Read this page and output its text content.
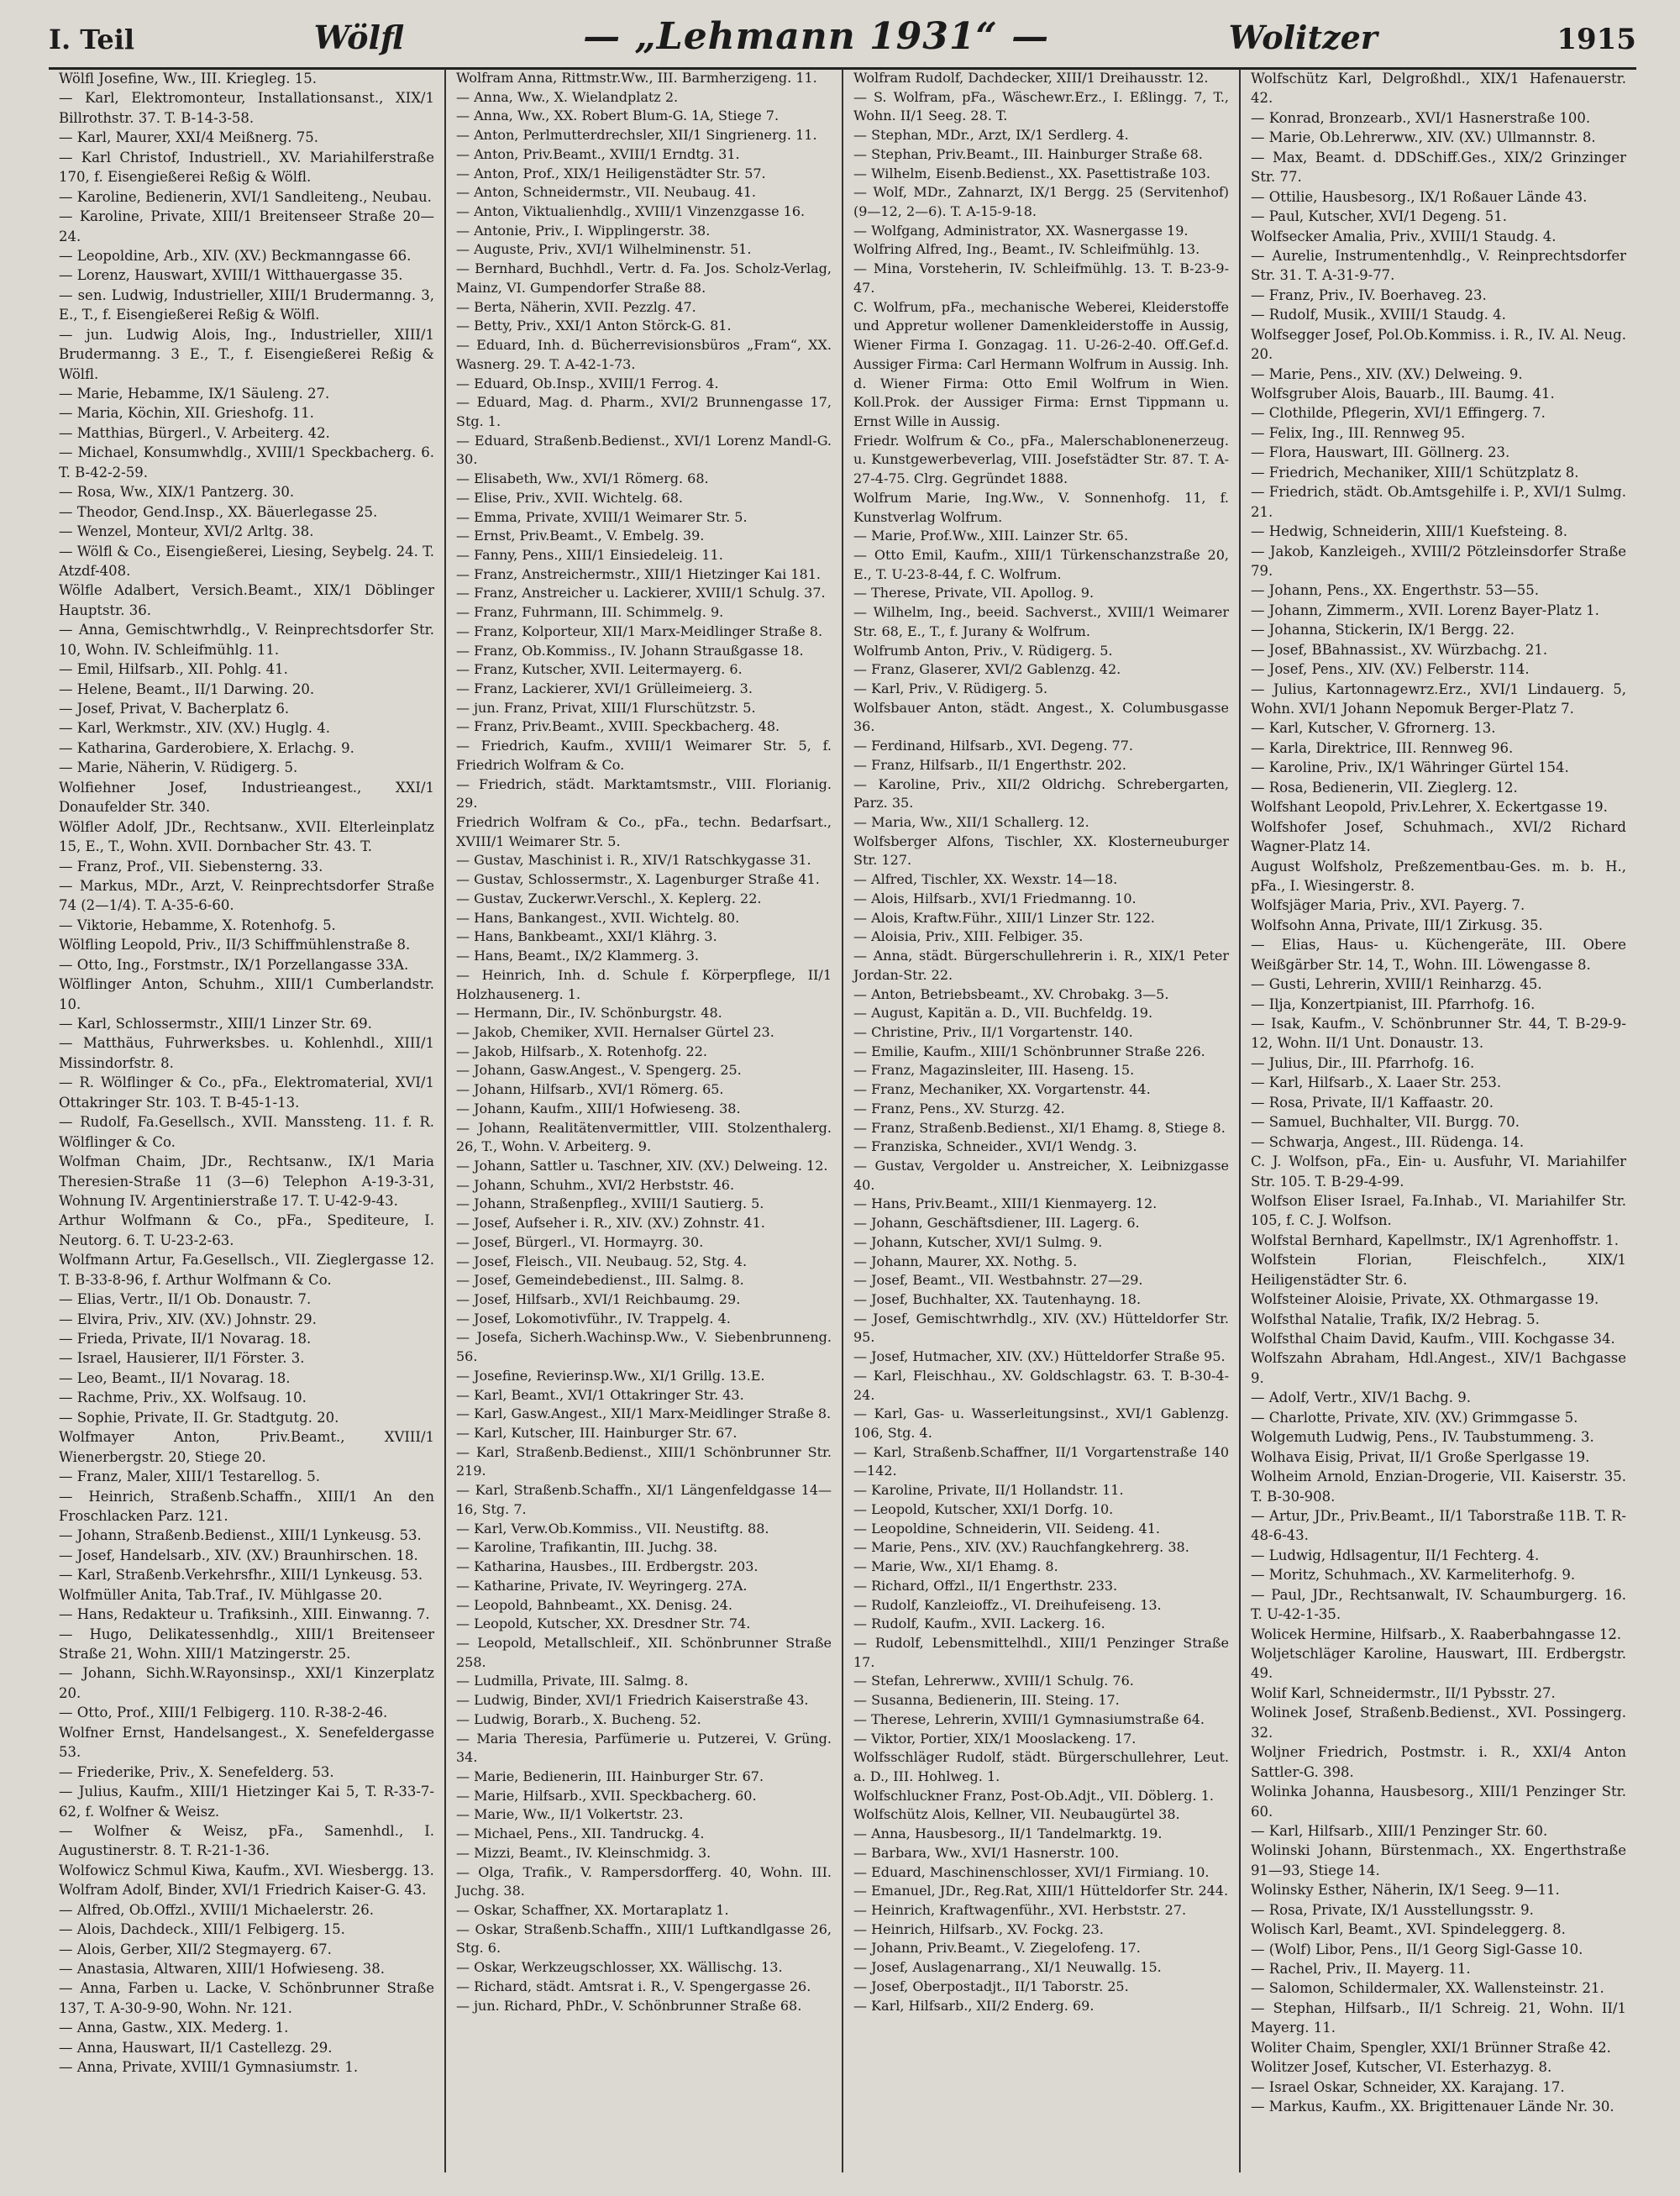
I. Teil	Wölfl	— „Lehmann 1931“ —	Wolitzer	1915

Wölfl Josefine, Ww., III. Kriegleg. 15.

— Karl, Elektromonteur, Installationsanst., XIX/1 Billrothstr. 37. T. B-14-3-58.

— Karl, Maurer, XXI/4 Meißnerg. 75.

— Karl Christof, Industriell., XV. Mariahilferstraße 170, f. Eisengießerei Reßig & Wölfl.

— Karoline, Bedienerin, XVI/1 Sandleiteng., Neubau.

— Karoline, Private, XIII/1 Breitenseer Straße 20—24.

— Leopoldine, Arb., XIV. (XV.) Beckmanngasse 66.

— Lorenz, Hauswart, XVIII/1 Witthauergasse 35.

— sen. Ludwig, Industrieller, XIII/1 Brudermanng. 3, E., T., f. Eisengießerei Reßig & Wölfl.

— jun. Ludwig Alois, Ing., Industrieller, XIII/1 Brudermanng. 3 E., T., f. Eisengießerei Reßig & Wölfl.

— Marie, Hebamme, IX/1 Säuleng. 27.

— Maria, Köchin, XII. Grieshofg. 11.

— Matthias, Bürgerl., V. Arbeiterg. 42.

— Michael, Konsumwhdlg., XVIII/1 Speckbacherg. 6. T. B-42-2-59.

— Rosa, Ww., XIX/1 Pantzerg. 30.

— Theodor, Gend.Insp., XX. Bäuerlegasse 25.

— Wenzel, Monteur, XVI/2 Arltg. 38.

— Wölfl & Co., Eisengießerei, Liesing, Seybelg. 24. T. Atzdf-408.

Wölfle Adalbert, Versich.Beamt., XIX/1 Döblinger Hauptstr. 36.

— Anna, Gemischtwrhdlg., V. Reinprechtsdorfer Str. 10, Wohn. IV. Schleifmühlg. 11.

— Emil, Hilfsarb., XII. Pohlg. 41.

— Helene, Beamt., II/1 Darwing. 20.

— Josef, Privat, V. Bacherplatz 6.

— Karl, Werkmstr., XIV. (XV.) Huglg. 4.

— Katharina, Garderobiere, X. Erlachg. 9.

— Marie, Näherin, V. Rüdigerg. 5.

Wolfiehner Josef, Industrieangest., XXI/1 Donaufelder Str. 340.

Wölfler Adolf, JDr., Rechtsanw., XVII. Elterleinplatz 15, E., T., Wohn. XVII. Dornbacher Str. 43. T.

— Franz, Prof., VII. Siebensterng. 33.

— Markus, MDr., Arzt, V. Reinprechtsdorfer Straße 74 (2—1/4). T. A-35-6-60.

— Viktorie, Hebamme, X. Rotenhofg. 5.

Wölfling Leopold, Priv., II/3 Schiffmühlenstraße 8.

— Otto, Ing., Forstmstr., IX/1 Porzellangasse 33A.

Wölflinger Anton, Schuhm., XIII/1 Cumberlandstr. 10.

— Karl, Schlossermstr., XIII/1 Linzer Str. 69.

— Matthäus, Fuhrwerksbes. u. Kohlenhdl., XIII/1 Missindorfstr. 8.

— R. Wölflinger & Co., pFa., Elektromaterial, XVI/1 Ottakringer Str. 103. T. B-45-1-13.

— Rudolf, Fa.Gesellsch., XVII. Manssteng. 11. f. R. Wölflinger & Co.

Wolfman Chaim, JDr., Rechtsanw., IX/1 Maria Theresien-Straße 11 (3—6) Telephon A-19-3-31, Wohnung IV. Argentinierstraße 17. T. U-42-9-43.

Arthur Wolfmann & Co., pFa., Spediteure, I. Neutorg. 6. T. U-23-2-63.

Wolfmann Artur, Fa.Gesellsch., VII. Zieglergasse 12. T. B-33-8-96, f. Arthur Wolfmann & Co.

— Elias, Vertr., II/1 Ob. Donaustr. 7.

— Elvira, Priv., XIV. (XV.) Johnstr. 29.

— Frieda, Private, II/1 Novarag. 18.

— Israel, Hausierer, II/1 Förster. 3.

— Leo, Beamt., II/1 Novarag. 18.

— Rachme, Priv., XX. Wolfsaug. 10.

— Sophie, Private, II. Gr. Stadtgutg. 20.

Wolfmayer Anton, Priv.Beamt., XVIII/1 Wienerbergstr. 20, Stiege 20.

— Franz, Maler, XIII/1 Testarellog. 5.

— Heinrich, Straßenb.Schaffn., XIII/1 An den Froschlacken Parz. 121.

— Johann, Straßenb.Bedienst., XIII/1 Lynkeusg. 53.

— Josef, Handelsarb., XIV. (XV.) Braunhirschen. 18.

— Karl, Straßenb.Verkehrsfhr., XIII/1 Lynkeusg. 53.

Wolfmüller Anita, Tab.Traf., IV. Mühlgasse 20.

— Hans, Redakteur u. Trafiksinh., XIII. Einwanng. 7.

— Hugo, Delikatessenhdlg., XIII/1 Breitenseer Straße 21, Wohn. XIII/1 Matzingerstr. 25.

— Johann, Sichh.W.Rayonsinsp., XXI/1 Kinzerplatz 20.

— Otto, Prof., XIII/1 Felbigerg. 110. R-38-2-46.

Wolfner Ernst, Handelsangest., X. Senefeldergasse 53.

— Friederike, Priv., X. Senefelderg. 53.

— Julius, Kaufm., XIII/1 Hietzinger Kai 5, T. R-33-7-62, f. Wolfner & Weisz.

— Wolfner & Weisz, pFa., Samenhdl., I. Augustinerstr. 8. T. R-21-1-36.

Wolfowicz Schmul Kiwa, Kaufm., XVI. Wiesbergg. 13.

Wolfram Adolf, Binder, XVI/1 Friedrich Kaiser-G. 43.

— Alfred, Ob.Offzl., XVIII/1 Michaelerstr. 26.

— Alois, Dachdeck., XIII/1 Felbigerg. 15.

— Alois, Gerber, XII/2 Stegmayerg. 67.

— Anastasia, Altwaren, XIII/1 Hofwieseng. 38.

— Anna, Farben u. Lacke, V. Schönbrunner Straße 137, T. A-30-9-90, Wohn. Nr. 121.

— Anna, Gastw., XIX. Mederg. 1.

— Anna, Hauswart, II/1 Castellezg. 29.

— Anna, Private, XVIII/1 Gymnasiumstr. 1.

Wolfram Anna, Rittmstr.Ww., III. Barmherzigeng. 11.

— Anna, Ww., X. Wielandplatz 2.

— Anna, Ww., XX. Robert Blum-G. 1A, Stiege 7.

— Anton, Perlmutterdrechsler, XII/1 Singrienerg. 11.

— Anton, Priv.Beamt., XVIII/1 Erndtg. 31.

— Anton, Prof., XIX/1 Heiligenstädter Str. 57.

— Anton, Schneidermstr., VII. Neubaug. 41.

— Anton, Viktualienhdlg., XVIII/1 Vinzenzgasse 16.

— Antonie, Priv., I. Wipplingerstr. 38.

— Auguste, Priv., XVI/1 Wilhelminenstr. 51.

— Bernhard, Buchhdl., Vertr. d. Fa. Jos. Scholz-Verlag, Mainz, VI. Gumpendorfer Straße 88.

— Berta, Näherin, XVII. Pezzlg. 47.

— Betty, Priv., XXI/1 Anton Störck-G. 81.

— Eduard, Inh. d. Bücherrevisionsbüros „Fram“, XX. Wasnerg. 29. T. A-42-1-73.

— Eduard, Ob.Insp., XVIII/1 Ferrog. 4.

— Eduard, Mag. d. Pharm., XVI/2 Brunnengasse 17, Stg. 1.

— Eduard, Straßenb.Bedienst., XVI/1 Lorenz Mandl-G. 30.

— Elisabeth, Ww., XVI/1 Römerg. 68.

— Elise, Priv., XVII. Wichtelg. 68.

— Emma, Private, XVIII/1 Weimarer Str. 5.

— Ernst, Priv.Beamt., V. Embelg. 39.

— Fanny, Pens., XIII/1 Einsiedeleig. 11.

— Franz, Anstreichermstr., XIII/1 Hietzinger Kai 181.

— Franz, Anstreicher u. Lackierer, XVIII/1 Schulg. 37.

— Franz, Fuhrmann, III. Schimmelg. 9.

— Franz, Kolporteur, XII/1 Marx-Meidlinger Straße 8.

— Franz, Ob.Kommiss., IV. Johann Straußgasse 18.

— Franz, Kutscher, XVII. Leitermayerg. 6.

— Franz, Lackierer, XVI/1 Grülleimeierg. 3.

— jun. Franz, Privat, XIII/1 Flurschützstr. 5.

— Franz, Priv.Beamt., XVIII. Speckbacherg. 48.

— Friedrich, Kaufm., XVIII/1 Weimarer Str. 5, f. Friedrich Wolfram & Co.

— Friedrich, städt. Marktamtsmstr., VIII. Florianig. 29.

Friedrich Wolfram & Co., pFa., techn. Bedarfsart., XVIII/1 Weimarer Str. 5.

— Gustav, Maschinist i. R., XIV/1 Ratschkygasse 31.

— Gustav, Schlossermstr., X. Lagenburger Straße 41.

— Gustav, Zuckerwr.Verschl., X. Keplerg. 22.

— Hans, Bankangest., XVII. Wichtelg. 80.

— Hans, Bankbeamt., XXI/1 Klährg. 3.

— Hans, Beamt., IX/2 Klammerg. 3.

— Heinrich, Inh. d. Schule f. Körperpflege, II/1 Holzhausenerg. 1.

— Hermann, Dir., IV. Schönburgstr. 48.

— Jakob, Chemiker, XVII. Hernalser Gürtel 23.

— Jakob, Hilfsarb., X. Rotenhofg. 22.

— Johann, Gasw.Angest., V. Spengerg. 25.

— Johann, Hilfsarb., XVI/1 Römerg. 65.

— Johann, Kaufm., XIII/1 Hofwieseng. 38.

— Johann, Realitätenvermittler, VIII. Stolzenthalerg. 26, T., Wohn. V. Arbeiterg. 9.

— Johann, Sattler u. Taschner, XIV. (XV.) Delweing. 12.

— Johann, Schuhm., XVI/2 Herbststr. 46.

— Johann, Straßenpfleg., XVIII/1 Sautierg. 5.

— Josef, Aufseher i. R., XIV. (XV.) Zohnstr. 41.

— Josef, Bürgerl., VI. Hormayrg. 30.

— Josef, Fleisch., VII. Neubaug. 52, Stg. 4.

— Josef, Gemeindebedienst., III. Salmg. 8.

— Josef, Hilfsarb., XVI/1 Reichbaumg. 29.

— Josef, Lokomotivführ., IV. Trappelg. 4.

— Josefa, Sicherh.Wachinsp.Ww., V. Siebenbrunneng. 56.

— Josefine, Revierinsp.Ww., XI/1 Grillg. 13.E.

— Karl, Beamt., XVI/1 Ottakringer Str. 43.

— Karl, Gasw.Angest., XII/1 Marx-Meidlinger Straße 8.

— Karl, Kutscher, III. Hainburger Str. 67.

— Karl, Straßenb.Bedienst., XIII/1 Schönbrunner Str. 219.

— Karl, Straßenb.Schaffn., XI/1 Längenfeldgasse 14—16, Stg. 7.

— Karl, Verw.Ob.Kommiss., VII. Neustiftg. 88.

— Karoline, Trafikantin, III. Juchg. 38.

— Katharina, Hausbes., III. Erdbergstr. 203.

— Katharine, Private, IV. Weyringerg. 27A.

— Leopold, Bahnbeamt., XX. Denisg. 24.

— Leopold, Kutscher, XX. Dresdner Str. 74.

— Leopold, Metallschleif., XII. Schönbrunner Straße 258.

— Ludmilla, Private, III. Salmg. 8.

— Ludwig, Binder, XVI/1 Friedrich Kaiserstraße 43.

— Ludwig, Borarb., X. Bucheng. 52.

— Maria Theresia, Parfümerie u. Putzerei, V. Grüng. 34.

— Marie, Bedienerin, III. Hainburger Str. 67.

— Marie, Hilfsarb., XVII. Speckbacherg. 60.

— Marie, Ww., II/1 Volkertstr. 23.

— Michael, Pens., XII. Tandruckg. 4.

— Mizzi, Beamt., IV. Kleinschmidg. 3.

— Olga, Trafik., V. Rampersdorfferg. 40, Wohn. III. Juchg. 38.

— Oskar, Schaffner, XX. Mortaraplatz 1.

— Oskar, Straßenb.Schaffn., XIII/1 Luftkandlgasse 26, Stg. 6.

— Oskar, Werkzeugschlosser, XX. Wällischg. 13.

— Richard, städt. Amtsrat i. R., V. Spengergasse 26.

— jun. Richard, PhDr., V. Schönbrunner Straße 68.

Wolfram Rudolf, Dachdecker, XIII/1 Dreihausstr. 12.

— S. Wolfram, pFa., Wäschewr.Erz., I. Eßlingg. 7, T., Wohn. II/1 Seeg. 28. T.

— Stephan, MDr., Arzt, IX/1 Serdlerg. 4.

— Stephan, Priv.Beamt., III. Hainburger Straße 68.

— Wilhelm, Eisenb.Bedienst., XX. Pasettistraße 103.

— Wolf, MDr., Zahnarzt, IX/1 Bergg. 25 (Servitenhof) (9—12, 2—6). T. A-15-9-18.

— Wolfgang, Administrator, XX. Wasnergasse 19.

Wolfring Alfred, Ing., Beamt., IV. Schleifmühlg. 13.

— Mina, Vorsteherin, IV. Schleifmühlg. 13. T. B-23-9-47.

C. Wolfrum, pFa., mechanische Weberei, Kleiderstoffe und Appretur wollener Damenkleiderstoffe in Aussig, Wiener Firma I. Gonzagag. 11. U-26-2-40. Off.Gef.d. Aussiger Firma: Carl Hermann Wolfrum in Aussig. Inh. d. Wiener Firma: Otto Emil Wolfrum in Wien. Koll.Prok. der Aussiger Firma: Ernst Tippmann u. Ernst Wille in Aussig.

Friedr. Wolfrum & Co., pFa., Malerschablonenerzeug. u. Kunstgewerbeverlag, VIII. Josefstädter Str. 87. T. A-27-4-75. Clrg. Gegründet 1888.

Wolfrum Marie, Ing.Ww., V. Sonnenhofg. 11, f. Kunstverlag Wolfrum.

— Marie, Prof.Ww., XIII. Lainzer Str. 65.

— Otto Emil, Kaufm., XIII/1 Türkenschanzstraße 20, E., T. U-23-8-44, f. C. Wolfrum.

— Therese, Private, VII. Apollog. 9.

— Wilhelm, Ing., beeid. Sachverst., XVIII/1 Weimarer Str. 68, E., T., f. Jurany & Wolfrum.

Wolfrumb Anton, Priv., V. Rüdigerg. 5.

— Franz, Glaserer, XVI/2 Gablenzg. 42.

— Karl, Priv., V. Rüdigerg. 5.

Wolfsbauer Anton, städt. Angest., X. Columbusgasse 36.

— Ferdinand, Hilfsarb., XVI. Degeng. 77.

— Franz, Hilfsarb., II/1 Engerthstr. 202.

— Karoline, Priv., XII/2 Oldrichg. Schrebergarten, Parz. 35.

— Maria, Ww., XII/1 Schallerg. 12.

Wolfsberger Alfons, Tischler, XX. Klosterneuburger Str. 127.

— Alfred, Tischler, XX. Wexstr. 14—18.

— Alois, Hilfsarb., XVI/1 Friedmanng. 10.

— Alois, Kraftw.Führ., XIII/1 Linzer Str. 122.

— Aloisia, Priv., XIII. Felbiger. 35.

— Anna, städt. Bürgerschullehrerin i. R., XIX/1 Peter Jordan-Str. 22.

— Anton, Betriebsbeamt., XV. Chrobakg. 3—5.

— August, Kapitän a. D., VII. Buchfeldg. 19.

— Christine, Priv., II/1 Vorgartenstr. 140.

— Emilie, Kaufm., XIII/1 Schönbrunner Straße 226.

— Franz, Magazinsleiter, III. Haseng. 15.

— Franz, Mechaniker, XX. Vorgartenstr. 44.

— Franz, Pens., XV. Sturzg. 42.

— Franz, Straßenb.Bedienst., XI/1 Ehamg. 8, Stiege 8.

— Franziska, Schneider., XVI/1 Wendg. 3.

— Gustav, Vergolder u. Anstreicher, X. Leibnizgasse 40.

— Hans, Priv.Beamt., XIII/1 Kienmayerg. 12.

— Johann, Geschäftsdiener, III. Lagerg. 6.

— Johann, Kutscher, XVI/1 Sulmg. 9.

— Johann, Maurer, XX. Nothg. 5.

— Josef, Beamt., VII. Westbahnstr. 27—29.

— Josef, Buchhalter, XX. Tautenhayng. 18.

— Josef, Gemischtwrhdlg., XIV. (XV.) Hütteldorfer Str. 95.

— Josef, Hutmacher, XIV. (XV.) Hütteldorfer Straße 95.

— Karl, Fleischhau., XV. Goldschlagstr. 63. T. B-30-4-24.

— Karl, Gas- u. Wasserleitungsinst., XVI/1 Gablenzg. 106, Stg. 4.

— Karl, Straßenb.Schaffner, II/1 Vorgartenstraße 140—142.

— Karoline, Private, II/1 Hollandstr. 11.

— Leopold, Kutscher, XXI/1 Dorfg. 10.

— Leopoldine, Schneiderin, VII. Seideng. 41.

— Marie, Pens., XIV. (XV.) Rauchfangkehrerg. 38.

— Marie, Ww., XI/1 Ehamg. 8.

— Richard, Offzl., II/1 Engerthstr. 233.

— Rudolf, Kanzleioffz., VI. Dreihufeiseng. 13.

— Rudolf, Kaufm., XVII. Lackerg. 16.

— Rudolf, Lebensmittelhdl., XIII/1 Penzinger Straße 17.

— Stefan, Lehrerww., XVIII/1 Schulg. 76.

— Susanna, Bedienerin, III. Steing. 17.

— Therese, Lehrerin, XVIII/1 Gymnasiumstraße 64.

— Viktor, Portier, XIX/1 Mooslackeng. 17.

Wolfsschläger Rudolf, städt. Bürgerschullehrer, Leut. a. D., III. Hohlweg. 1.

Wolfschluckner Franz, Post-Ob.Adjt., VII. Döblerg. 1.

Wolfschütz Alois, Kellner, VII. Neubaugürtel 38.

— Anna, Hausbesorg., II/1 Tandelmarktg. 19.

— Barbara, Ww., XVI/1 Hasnerstr. 100.

— Eduard, Maschinenschlosser, XVI/1 Firmiang. 10.

— Emanuel, JDr., Reg.Rat, XIII/1 Hütteldorfer Str. 244.

— Heinrich, Kraftwagenführ., XVI. Herbststr. 27.

— Heinrich, Hilfsarb., XV. Fockg. 23.

— Johann, Priv.Beamt., V. Ziegelofeng. 17.

— Josef, Auslagenarrang., XI/1 Neuwallg. 15.

— Josef, Oberpostadjt., II/1 Taborstr. 25.

— Karl, Hilfsarb., XII/2 Enderg. 69.

Wolfschütz Karl, Delgroßhdl., XIX/1 Hafenauerstr. 42.

— Konrad, Bronzearb., XVI/1 Hasnerstraße 100.

— Marie, Ob.Lehrerww., XIV. (XV.) Ullmannstr. 8.

— Max, Beamt. d. DDSchiff.Ges., XIX/2 Grinzinger Str. 77.

— Ottilie, Hausbesorg., IX/1 Roßauer Lände 43.

— Paul, Kutscher, XVI/1 Degeng. 51.

Wolfsecker Amalia, Priv., XVIII/1 Staudg. 4.

— Aurelie, Instrumentenhdlg., V. Reinprechtsdorfer Str. 31. T. A-31-9-77.

— Franz, Priv., IV. Boerhaveg. 23.

— Rudolf, Musik., XVIII/1 Staudg. 4.

Wolfsegger Josef, Pol.Ob.Kommiss. i. R., IV. Al. Neug. 20.

— Marie, Pens., XIV. (XV.) Delweing. 9.

Wolfsgruber Alois, Bauarb., III. Baumg. 41.

— Clothilde, Pflegerin, XVI/1 Effingerg. 7.

— Felix, Ing., III. Rennweg 95.

— Flora, Hauswart, III. Göllnerg. 23.

— Friedrich, Mechaniker, XIII/1 Schützplatz 8.

— Friedrich, städt. Ob.Amtsgehilfe i. P., XVI/1 Sulmg. 21.

— Hedwig, Schneiderin, XIII/1 Kuefsteing. 8.

— Jakob, Kanzleigeh., XVIII/2 Pötzleinsdorfer Straße 79.

— Johann, Pens., XX. Engerthstr. 53—55.

— Johann, Zimmerm., XVII. Lorenz Bayer-Platz 1.

— Johanna, Stickerin, IX/1 Bergg. 22.

— Josef, BBahnassist., XV. Würzbachg. 21.

— Josef, Pens., XIV. (XV.) Felberstr. 114.

— Julius, Kartonnagewrz.Erz., XVI/1 Lindauerg. 5, Wohn. XVI/1 Johann Nepomuk Berger-Platz 7.

— Karl, Kutscher, V. Gfrornerg. 13.

— Karla, Direktrice, III. Rennweg 96.

— Karoline, Priv., IX/1 Währinger Gürtel 154.

— Rosa, Bedienerin, VII. Zieglerg. 12.

Wolfshant Leopold, Priv.Lehrer, X. Eckertgasse 19.

Wolfshofer Josef, Schuhmach., XVI/2 Richard Wagner-Platz 14.

August Wolfsholz, Preßzementbau-Ges. m. b. H., pFa., I. Wiesingerstr. 8.

Wolfsjäger Maria, Priv., XVI. Payerg. 7.

Wolfsohn Anna, Private, III/1 Zirkusg. 35.

— Elias, Haus- u. Küchengeräte, III. Obere Weißgärber Str. 14, T., Wohn. III. Löwengasse 8.

— Gusti, Lehrerin, XVIII/1 Reinharzg. 45.

— Ilja, Konzertpianist, III. Pfarrhofg. 16.

— Isak, Kaufm., V. Schönbrunner Str. 44, T. B-29-9-12, Wohn. II/1 Unt. Donaustr. 13.

— Julius, Dir., III. Pfarrhofg. 16.

— Karl, Hilfsarb., X. Laaer Str. 253.

— Rosa, Private, II/1 Kaffaastr. 20.

— Samuel, Buchhalter, VII. Burgg. 70.

— Schwarja, Angest., III. Rüdenga. 14.

C. J. Wolfson, pFa., Ein- u. Ausfuhr, VI. Mariahilfer Str. 105. T. B-29-4-99.

Wolfson Eliser Israel, Fa.Inhab., VI. Mariahilfer Str. 105, f. C. J. Wolfson.

Wolfstal Bernhard, Kapellmstr., IX/1 Agrenhoffstr. 1.

Wolfstein Florian, Fleischfelch., XIX/1 Heiligenstädter Str. 6.

Wolfsteiner Aloisie, Private, XX. Othmargasse 19.

Wolfsthal Natalie, Trafik, IX/2 Hebrag. 5.

Wolfsthal Chaim David, Kaufm., VIII. Kochgasse 34.

Wolfszahn Abraham, Hdl.Angest., XIV/1 Bachgasse 9.

— Adolf, Vertr., XIV/1 Bachg. 9.

— Charlotte, Private, XIV. (XV.) Grimmgasse 5.

Wolgemuth Ludwig, Pens., IV. Taubstummeng. 3.

Wolhava Eisig, Privat, II/1 Große Sperlgasse 19.

Wolheim Arnold, Enzian-Drogerie, VII. Kaiserstr. 35. T. B-30-908.

— Artur, JDr., Priv.Beamt., II/1 Taborstraße 11B. T. R-48-6-43.

— Ludwig, Hdlsagentur, II/1 Fechterg. 4.

— Moritz, Schuhmach., XV. Karmeliterhofg. 9.

— Paul, JDr., Rechtsanwalt, IV. Schaumburgerg. 16. T. U-42-1-35.

Wolicek Hermine, Hilfsarb., X. Raaberbahngasse 12.

Woljetschläger Karoline, Hauswart, III. Erdbergstr. 49.

Wolif Karl, Schneidermstr., II/1 Pybsstr. 27.

Wolinek Josef, Straßenb.Bedienst., XVI. Possingerg. 32.

Woljner Friedrich, Postmstr. i. R., XXI/4 Anton Sattler-G. 398.

Wolinka Johanna, Hausbesorg., XIII/1 Penzinger Str. 60.

— Karl, Hilfsarb., XIII/1 Penzinger Str. 60.

Wolinski Johann, Bürstenmach., XX. Engerthstraße 91—93, Stiege 14.

Wolinsky Esther, Näherin, IX/1 Seeg. 9—11.

— Rosa, Private, IX/1 Ausstellungsstr. 9.

Wolisch Karl, Beamt., XVI. Spindeleggerg. 8.

— (Wolf) Libor, Pens., II/1 Georg Sigl-Gasse 10.

— Rachel, Priv., II. Mayerg. 11.

— Salomon, Schildermaler, XX. Wallensteinstr. 21.

— Stephan, Hilfsarb., II/1 Schreig. 21, Wohn. II/1 Mayerg. 11.

Woliter Chaim, Spengler, XXI/1 Brünner Straße 42.

Wolitzer Josef, Kutscher, VI. Esterhazyg. 8.

— Israel Oskar, Schneider, XX. Karajang. 17.

— Markus, Kaufm., XX. Brigittenauer Lände Nr. 30.
